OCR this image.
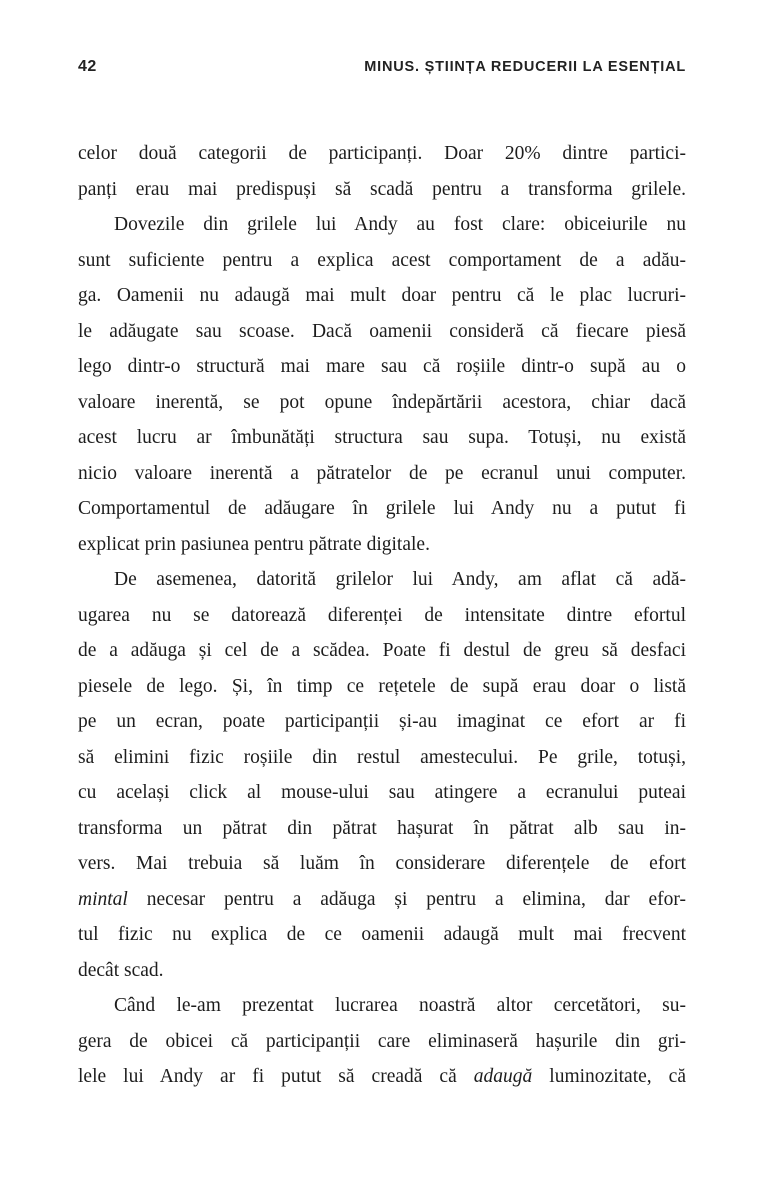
42	MINUS. ȘTIINȚA REDUCERII LA ESENȚIAL
celor două categorii de participanți. Doar 20% dintre partici-
panți erau mai predispuși să scadă pentru a transforma grilele.
Dovezile din grilele lui Andy au fost clare: obiceiurile nu
sunt suficiente pentru a explica acest comportament de a adău-
ga. Oamenii nu adaugă mai mult doar pentru că le plac lucruri-
le adăugate sau scoase. Dacă oamenii consideră că fiecare piesă
lego dintr-o structură mai mare sau că roșiile dintr-o supă au o
valoare inerentă, se pot opune îndepărtării acestora, chiar dacă
acest lucru ar îmbunătăți structura sau supa. Totuși, nu există
nicio valoare inerentă a pătratelor de pe ecranul unui computer.
Comportamentul de adăugare în grilele lui Andy nu a putut fi
explicat prin pasiunea pentru pătrate digitale.
De asemenea, datorită grilelor lui Andy, am aflat că adă-
ugarea nu se datorează diferenței de intensitate dintre efortul
de a adăuga și cel de a scădea. Poate fi destul de greu să desfaci
piesele de lego. Și, în timp ce rețetele de supă erau doar o listă
pe un ecran, poate participanții și-au imaginat ce efort ar fi
să elimini fizic roșiile din restul amestecului. Pe grile, totuși,
cu același click al mouse-ului sau atingere a ecranului puteai
transforma un pătrat din pătrat hașurat în pătrat alb sau in-
vers. Mai trebuia să luăm în considerare diferențele de efort
mintal necesar pentru a adăuga și pentru a elimina, dar efor-
tul fizic nu explica de ce oamenii adaugă mult mai frecvent
decât scad.
Când le-am prezentat lucrarea noastră altor cercetători, su-
gera de obicei că participanții care eliminaseră hașurile din gri-
lele lui Andy ar fi putut să creadă că adaugă luminozitate, că
